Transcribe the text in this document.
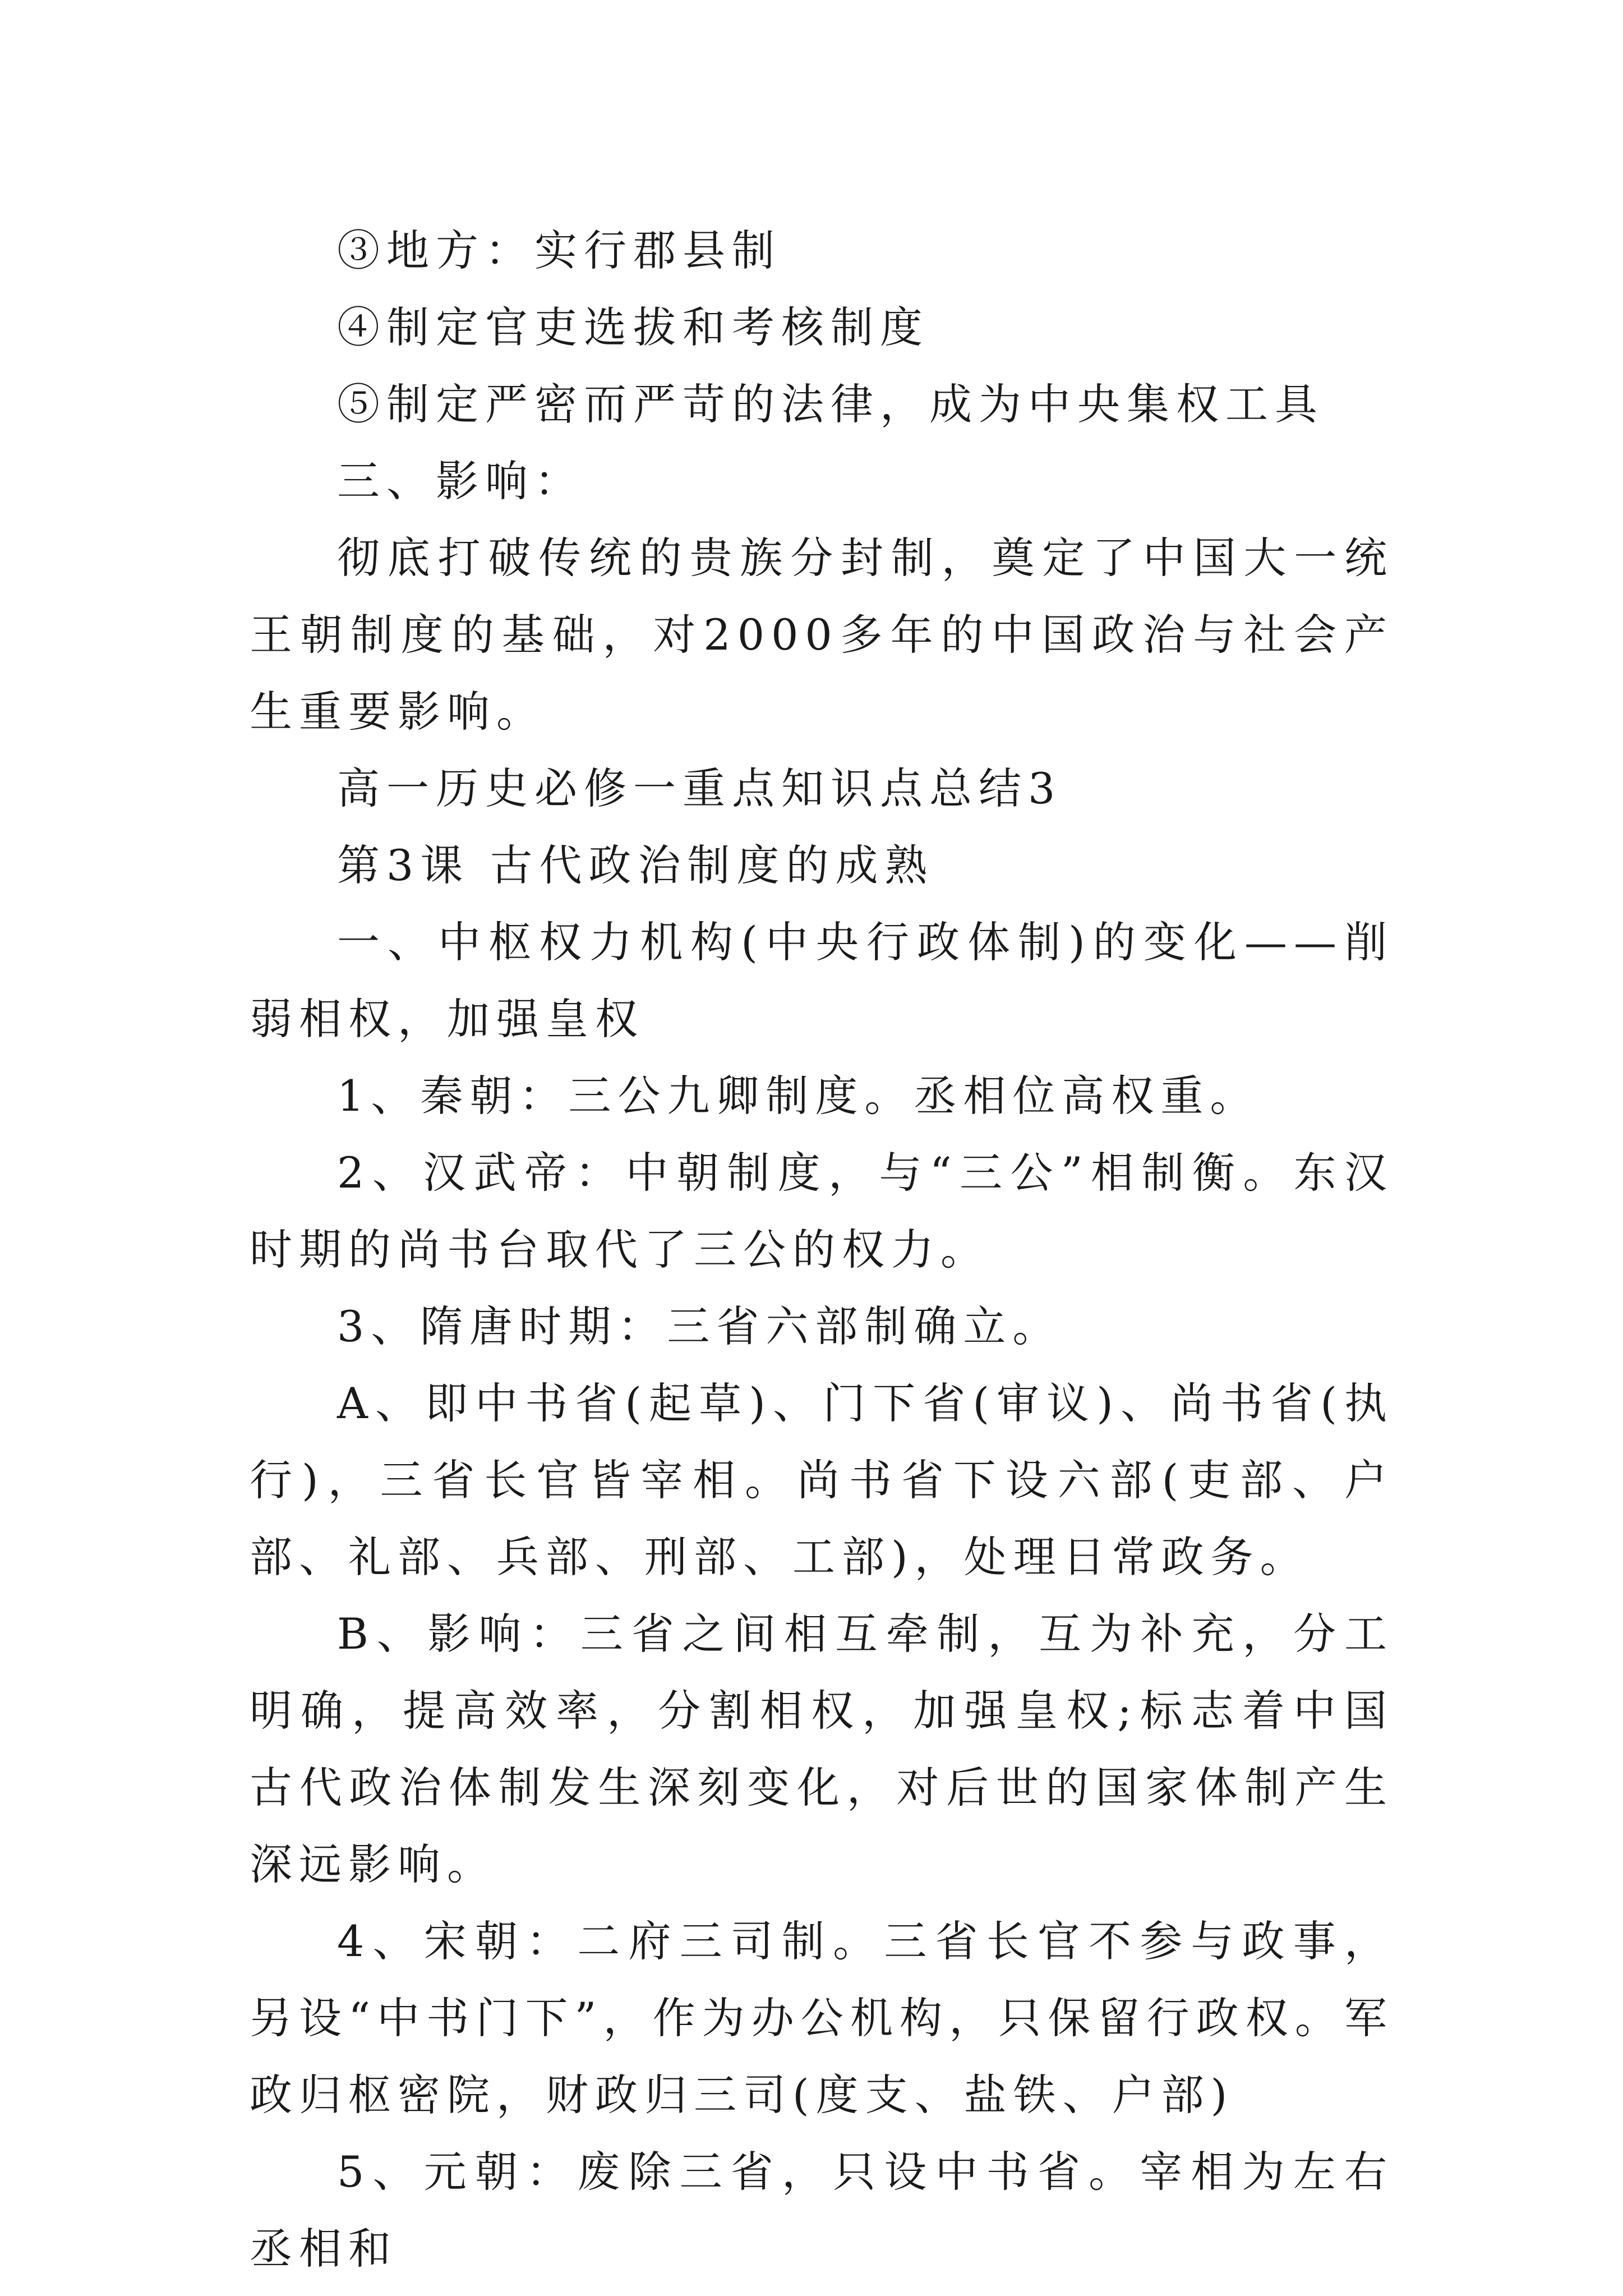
③地方：实行郡县制

④制定官吏选拔和考核制度

⑤制定严密而严苛的法律，成为中央集权工具

三、影响：

彻底打破传统的贵族分封制，奠定了中国大一统王朝制度的基础，对2000多年的中国政治与社会产生重要影响。

高一历史必修一重点知识点总结3

第3课 古代政治制度的成熟

一、中枢权力机构(中央行政体制)的变化——削弱相权，加强皇权

1、秦朝：三公九卿制度。丞相位高权重。

2、汉武帝：中朝制度，与“三公”相制衡。东汉时期的尚书台取代了三公的权力。

3、隋唐时期：三省六部制确立。

A、即中书省(起草)、门下省(审议)、尚书省(执行)，三省长官皆宰相。尚书省下设六部(吏部、户部、礼部、兵部、刑部、工部)，处理日常政务。

B、影响：三省之间相互牵制，互为补充，分工明确，提高效率，分割相权，加强皇权;标志着中国古代政治体制发生深刻变化，对后世的国家体制产生深远影响。

4、宋朝：二府三司制。三省长官不参与政事，另设“中书门下”，作为办公机构，只保留行政权。军政归枢密院，财政归三司(度支、盐铁、户部)

5、元朝：废除三省，只设中书省。宰相为左右丞相和
